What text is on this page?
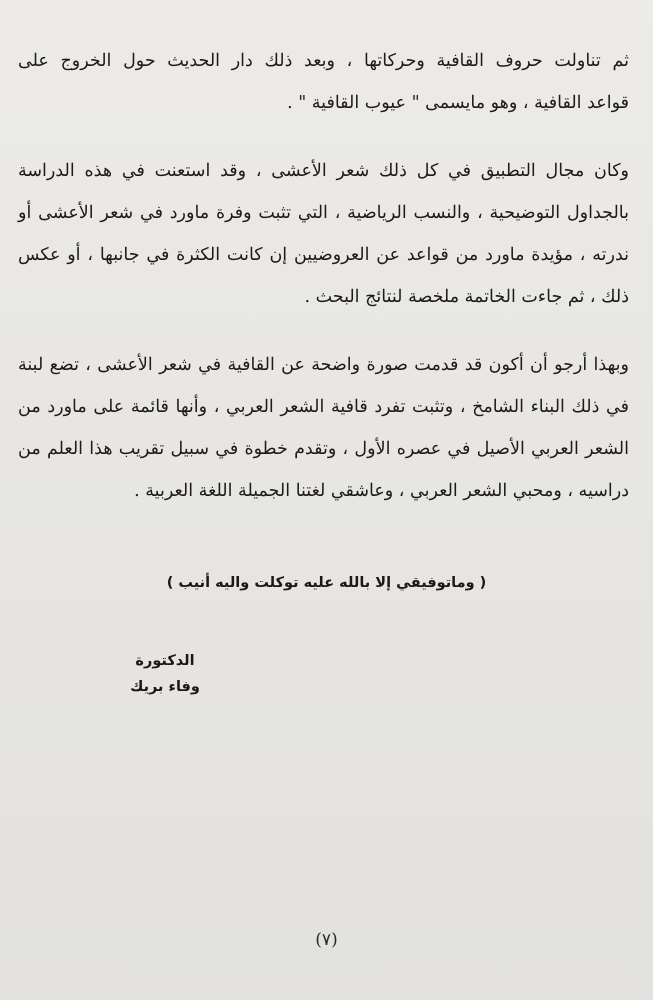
ثم تناولت حروف القافية وحركاتها ، وبعد ذلك دار الحديث حول الخروج على
قواعد القافية ، وهو مايسمى " عيوب القافية " .

وكان مجال التطبيق في كل ذلك شعر الأعشى ، وقد استعنت في هذه الدراسة
بالجداول التوضيحية ، والنسب الرياضية ، التي تثبت وفرة ماورد في شعر الأعشى أو
ندرته ، مؤيدة ماورد من قواعد عن العروضيين إن كانت الكثرة في جانبها ، أو عكس
ذلك ، ثم جاءت الخاتمة ملخصة لنتائج البحث .

وبهذا أرجو أن أكون قد قدمت صورة واضحة عن القافية في شعر الأعشى ، تضع لبنة
في ذلك البناء الشامخ ، وتثبت تفرد قافية الشعر العربي ، وأنها قائمة على ماورد من
الشعر العربي الأصيل في عصره الأول ، وتقدم خطوة في سبيل تقريب هذا العلم من
دراسيه ، ومحبي الشعر العربي ، وعاشقي لغتنا الجميلة اللغة العربية .

( وماتوفيقي إلا بالله عليه توكلت واليه أنيب )
الدكتورة
وفاء بريك
(٧)
